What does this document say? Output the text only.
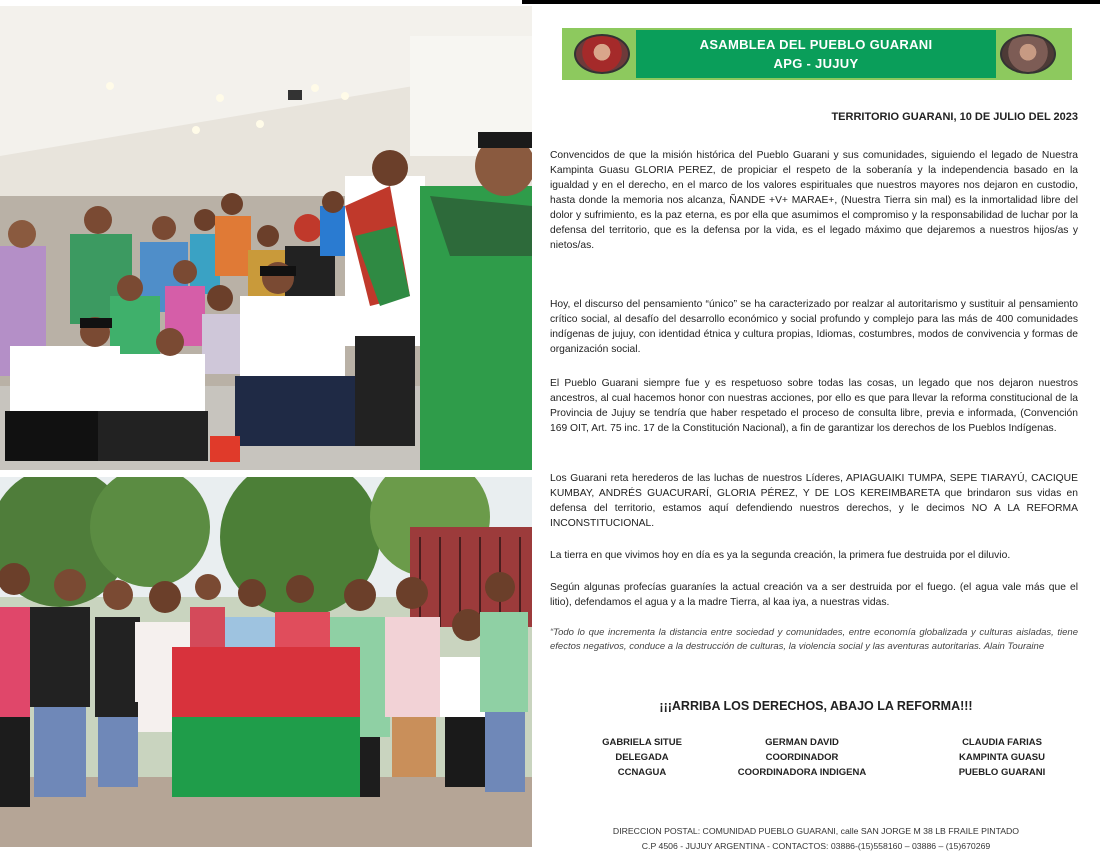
ASAMBLEA DEL PUEBLO GUARANI
APG - JUJUY
TERRITORIO GUARANI, 10 DE JULIO DEL 2023

Convencidos de que la misión histórica del Pueblo Guarani y sus comunidades, siguiendo el legado de Nuestra Kampinta Guasu GLORIA PEREZ, de propiciar el respeto de la soberanía y la independencia basado en la igualdad y en el derecho, en el marco de los valores espirituales que nuestros mayores nos dejaron en custodio, hasta donde la memoria nos alcanza, ÑANDE +V+ MARAE+, (Nuestra Tierra sin mal) es la inmortalidad libre del dolor y sufrimiento, es la paz eterna, es por ella que asumimos el compromiso y la responsabilidad de luchar por la defensa del territorio, que es la defensa por la vida, es el legado máximo que dejaremos a nuestros hijos/as y nietos/as.

Hoy, el discurso del pensamiento “único” se ha caracterizado por realzar al autoritarismo y sustituir al pensamiento crítico social, al desafío del desarrollo económico y social profundo y complejo para las más de 400 comunidades indígenas de jujuy, con identidad étnica y cultura propias, Idiomas, costumbres, modos de convivencia y formas de organización social.

El Pueblo Guarani siempre fue y es respetuoso sobre todas las cosas, un legado que nos dejaron nuestros ancestros, al cual hacemos honor con nuestras acciones, por ello es que para llevar la reforma constitucional de la Provincia de Jujuy se tendría que haber respetado el proceso de consulta libre, previa e informada, (Convención 169 OIT, Art. 75 inc. 17 de la Constitución Nacional), a fin de garantizar los derechos de los Pueblos Indígenas.

Los Guarani reta herederos de las luchas de nuestros Líderes, APIAGUAIKI TUMPA, SEPE TIARAYÚ, CACIQUE KUMBAY, ANDRÉS GUACURARÍ, GLORIA PÉREZ, Y DE LOS KEREIMBARETA que brindaron sus vidas en defensa del territorio, estamos aquí defendiendo nuestros derechos, y le decimos NO A LA REFORMA INCONSTITUCIONAL.

La tierra en que vivimos hoy en día es ya la segunda creación, la primera fue destruida por el diluvio.

Según algunas profecías guaraníes la actual creación va a ser destruida por el fuego. (el agua vale más que el litio), defendamos el agua y a la madre Tierra, al kaa iya, a nuestras vidas.

“Todo lo que incrementa la distancia entre sociedad y comunidades, entre economía globalizada y culturas aisladas, tiene efectos negativos, conduce a la destrucción de culturas, la violencia social y las aventuras autoritarias. Alain Touraine

¡¡¡ARRIBA LOS DERECHOS, ABAJO LA REFORMA!!!
GABRIELA SITUE
DELEGADA
CCNAGUA
GERMAN DAVID
COORDINADOR
COORDINADORA INDIGENA
CLAUDIA FARIAS
KAMPINTA GUASU
PUEBLO GUARANI
DIRECCION POSTAL: COMUNIDAD PUEBLO GUARANI, calle SAN JORGE M 38 LB FRAILE PINTADO
C.P 4506 - JUJUY ARGENTINA - CONTACTOS: 03886-(15)558160 – 03886 – (15)670269
